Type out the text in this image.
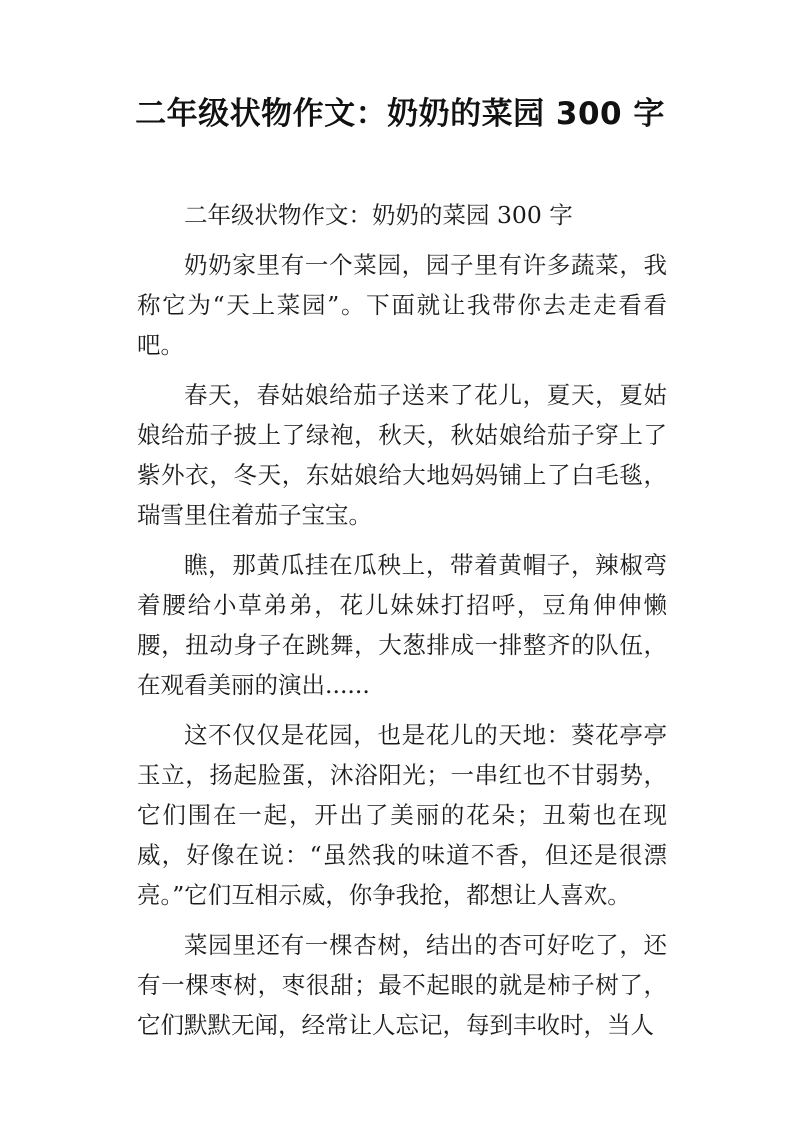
二年级状物作文：奶奶的菜园 300 字

二年级状物作文：奶奶的菜园 300 字

奶奶家里有一个菜园，园子里有许多蔬菜，我称它为“天上菜园”。下面就让我带你去走走看看吧。

春天，春姑娘给茄子送来了花儿，夏天，夏姑娘给茄子披上了绿袍，秋天，秋姑娘给茄子穿上了紫外衣，冬天，东姑娘给大地妈妈铺上了白毛毯，瑞雪里住着茄子宝宝。

瞧，那黄瓜挂在瓜秧上，带着黄帽子，辣椒弯着腰给小草弟弟，花儿妹妹打招呼，豆角伸伸懒腰，扭动身子在跳舞，大葱排成一排整齐的队伍，在观看美丽的演出......

这不仅仅是花园，也是花儿的天地：葵花亭亭玉立，扬起脸蛋，沐浴阳光；一串红也不甘弱势，它们围在一起，开出了美丽的花朵；丑菊也在现威，好像在说：“虽然我的味道不香，但还是很漂亮。”它们互相示威，你争我抢，都想让人喜欢。

菜园里还有一棵杏树，结出的杏可好吃了，还有一棵枣树，枣很甜；最不起眼的就是柿子树了，它们默默无闻，经常让人忘记，每到丰收时，当人
